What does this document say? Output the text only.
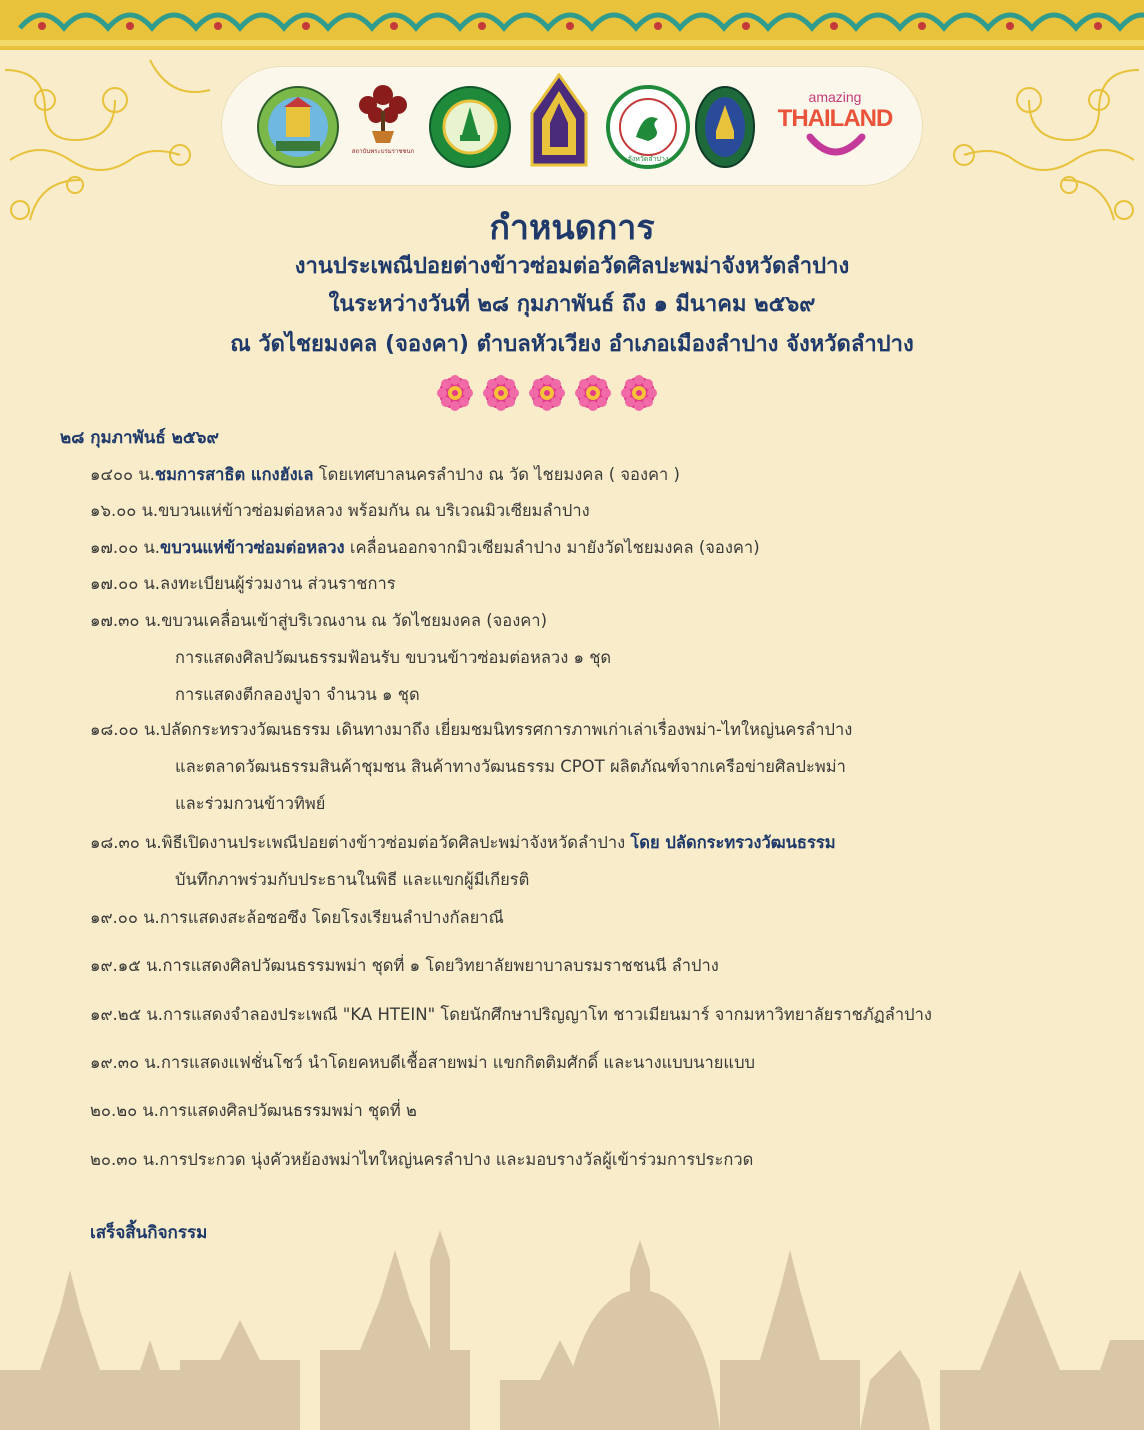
สถาบันพระบรมราชชนก
จังหวัดลำปาง
amazing
THAILAND
กำหนดการ
งานประเพณีปอยต่างข้าวซ่อมต่อวัดศิลปะพม่าจังหวัดลำปาง
ในระหว่างวันที่ ๒๘ กุมภาพันธ์ ถึง ๑ มีนาคม ๒๕๖๙
ณ วัดไชยมงคล (จองคา) ตำบลหัวเวียง อำเภอเมืองลำปาง จังหวัดลำปาง
๒๘ กุมภาพันธ์ ๒๕๖๙
๑๔๐๐ น.ชมการสาธิต แกงฮังเล โดยเทศบาลนครลำปาง ณ วัด ไชยมงคล ( จองคา )
๑๖.๐๐ น.ขบวนแห่ข้าวซ่อมต่อหลวง พร้อมกัน ณ บริเวณมิวเซียมลำปาง
๑๗.๐๐ น.ขบวนแห่ข้าวซ่อมต่อหลวง เคลื่อนออกจากมิวเซียมลำปาง มายังวัดไชยมงคล (จองคา)
๑๗.๐๐ น.ลงทะเบียนผู้ร่วมงาน ส่วนราชการ
๑๗.๓๐ น.ขบวนเคลื่อนเข้าสู่บริเวณงาน ณ วัดไชยมงคล (จองคา)
การแสดงศิลปวัฒนธรรมฟ้อนรับ ขบวนข้าวซ่อมต่อหลวง ๑ ชุด
การแสดงตีกลองปูจา จำนวน ๑ ชุด
๑๘.๐๐ น.ปลัดกระทรวงวัฒนธรรม เดินทางมาถึง เยี่ยมชมนิทรรศการภาพเก่าเล่าเรื่องพม่า-ไทใหญ่นครลำปาง
และตลาดวัฒนธรรมสินค้าชุมชน สินค้าทางวัฒนธรรม CPOT ผลิตภัณฑ์จากเครือข่ายศิลปะพม่า
และร่วมกวนข้าวทิพย์
๑๘.๓๐ น.พิธีเปิดงานประเพณีปอยต่างข้าวซ่อมต่อวัดศิลปะพม่าจังหวัดลำปาง โดย ปลัดกระทรวงวัฒนธรรม
บันทึกภาพร่วมกับประธานในพิธี และแขกผู้มีเกียรติ
๑๙.๐๐ น.การแสดงสะล้อซอซึง โดยโรงเรียนลำปางกัลยาณี
๑๙.๑๕ น.การแสดงศิลปวัฒนธรรมพม่า ชุดที่ ๑ โดยวิทยาลัยพยาบาลบรมราชชนนี ลำปาง
๑๙.๒๕ น.การแสดงจำลองประเพณี "KA HTEIN" โดยนักศึกษาปริญญาโท ชาวเมียนมาร์ จากมหาวิทยาลัยราชภัฏลำปาง
๑๙.๓๐ น.การแสดงแฟชั่นโชว์ นำโดยคหบดีเชื้อสายพม่า แขกกิตติมศักดิ์ และนางแบบนายแบบ
๒๐.๒๐ น.การแสดงศิลปวัฒนธรรมพม่า ชุดที่ ๒
๒๐.๓๐ น.การประกวด นุ่งคัวหย้องพม่าไทใหญ่นครลำปาง และมอบรางวัลผู้เข้าร่วมการประกวด
เสร็จสิ้นกิจกรรม
